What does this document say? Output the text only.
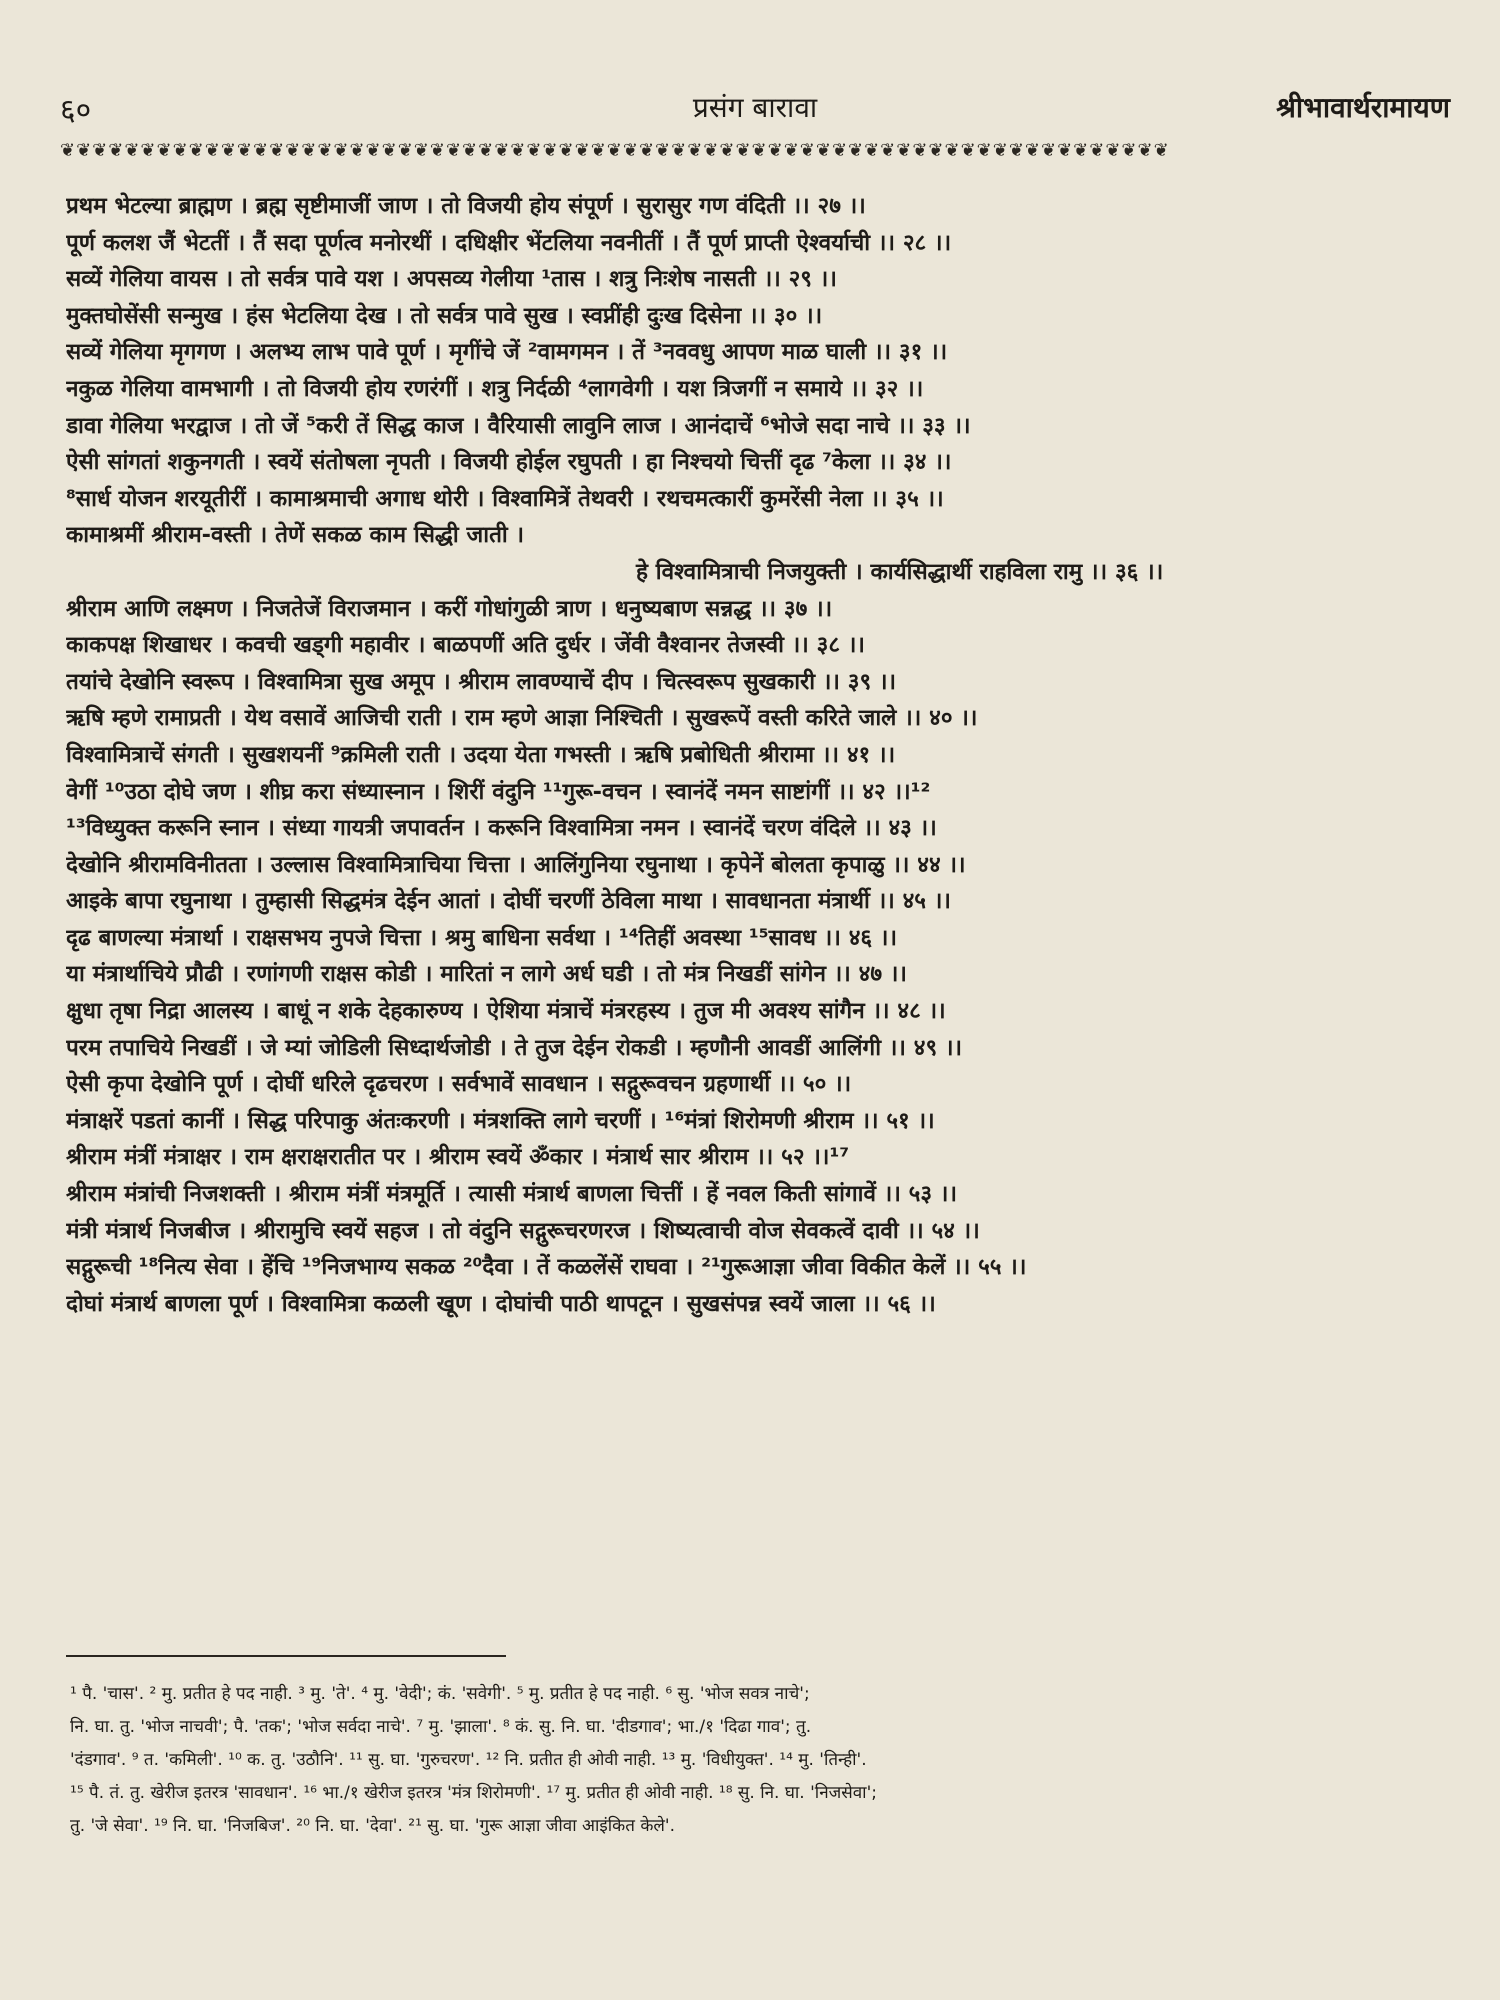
६०	प्रसंग बारावा	श्रीभावार्थरामायण
❦❦❦❦❦❦❦❦❦❦❦❦❦❦❦❦❦❦❦❦❦❦❦❦❦❦❦❦❦❦❦❦❦❦❦❦❦❦❦❦❦❦❦❦❦❦❦❦❦❦❦❦❦❦❦❦❦❦❦❦❦❦❦❦❦❦❦❦❦
प्रथम भेटल्या ब्राह्मण । ब्रह्म सृष्टीमाजीं जाण । तो विजयी होय संपूर्ण । सुरासुर गण वंदिती ।। २७ ।।
पूर्ण कलश जैं भेटतीं । तैं सदा पूर्णत्व मनोरथीं । दधिक्षीर भेंटलिया नवनीतीं । तैं पूर्ण प्राप्ती ऐश्वर्याची ।। २८ ।।
सव्यें गेलिया वायस । तो सर्वत्र पावे यश । अपसव्य गेलीया ¹तास । शत्रु निःशेष नासती ।। २९ ।।
मुक्तघोसेंसी सन्मुख । हंस भेटलिया देख । तो सर्वत्र पावे सुख । स्वप्नींही दुःख दिसेना ।। ३० ।।
सव्यें गेलिया मृगगण । अलभ्य लाभ पावे पूर्ण । मृगींचे जें ²वामगमन । तें ³नववधु आपण माळ घाली ।। ३१ ।।
नकुळ गेलिया वामभागी । तो विजयी होय रणरंगीं । शत्रु निर्दळी ⁴लागवेगी । यश त्रिजगीं न समाये ।। ३२ ।।
डावा गेलिया भरद्वाज । तो जें ⁵करी तें सिद्ध काज । वैरियासी लावुनि लाज । आनंदाचें ⁶भोजे सदा नाचे ।। ३३ ।।
ऐसी सांगतां शकुनगती । स्वयें संतोषला नृपती । विजयी होईल रघुपती । हा निश्चयो चित्तीं दृढ ⁷केला ।। ३४ ।।
⁸सार्ध योजन शरयूतीरीं । कामाश्रमाची अगाध थोरी । विश्वामित्रें तेथवरी । रथचमत्कारीं कुमरेंसी नेला ।। ३५ ।।
कामाश्रमीं श्रीराम-वस्ती । तेणें सकळ काम सिद्धी जाती ।
हे विश्वामित्राची निजयुक्ती । कार्यसिद्धार्थी राहविला रामु ।। ३६ ।।
श्रीराम आणि लक्ष्मण । निजतेजें विराजमान । करीं गोधांगुळी त्राण । धनुष्यबाण सन्नद्ध ।। ३७ ।।
काकपक्ष शिखाधर । कवची खड्गी महावीर । बाळपणीं अति दुर्धर । जेंवी वैश्वानर तेजस्वी ।। ३८ ।।
तयांचे देखोनि स्वरूप । विश्वामित्रा सुख अमूप । श्रीराम लावण्याचें दीप । चित्स्वरूप सुखकारी ।। ३९ ।।
ऋषि म्हणे रामाप्रती । येथ वसावें आजिची राती । राम म्हणे आज्ञा निश्चिती । सुखरूपें वस्ती करिते जाले ।। ४० ।।
विश्वामित्राचें संगती । सुखशयनीं ⁹क्रमिली राती । उदया येता गभस्ती । ऋषि प्रबोधिती श्रीरामा ।। ४१ ।।
वेगीं ¹⁰उठा दोघे जण । शीघ्र करा संध्यास्नान । शिरीं वंदुनि ¹¹गुरू-वचन । स्वानंदें नमन साष्टांगीं ।। ४२ ।।¹²
¹³विध्युक्त करूनि स्नान । संध्या गायत्री जपावर्तन । करूनि विश्वामित्रा नमन । स्वानंदें चरण वंदिले ।। ४३ ।।
देखोनि श्रीरामविनीतता । उल्लास विश्वामित्राचिया चित्ता । आलिंगुनिया रघुनाथा । कृपेनें बोलता कृपाळु ।। ४४ ।।
आइके बापा रघुनाथा । तुम्हासी सिद्धमंत्र देईन आतां । दोघीं चरणीं ठेविला माथा । सावधानता मंत्रार्थी ।। ४५ ।।
दृढ बाणल्या मंत्रार्था । राक्षसभय नुपजे चित्ता । श्रमु बाधिना सर्वथा । ¹⁴तिहीं अवस्था ¹⁵सावध ।। ४६ ।।
या मंत्रार्थाचिये प्रौढी । रणांगणी राक्षस कोडी । मारितां न लागे अर्ध घडी । तो मंत्र निखडीं सांगेन ।। ४७ ।।
क्षुधा तृषा निद्रा आलस्य । बाधूं न शके देहकारुण्य । ऐशिया मंत्राचें मंत्ररहस्य । तुज मी अवश्य सांगैन ।। ४८ ।।
परम तपाचिये निखडीं । जे म्यां जोडिली सिध्दार्थजोडी । ते तुज देईन रोकडी । म्हणौनी आवडीं आलिंगी ।। ४९ ।।
ऐसी कृपा देखोनि पूर्ण । दोघीं धरिले दृढचरण । सर्वभावें सावधान । सद्गुरूवचन ग्रहणार्थी ।। ५० ।।
मंत्राक्षरें पडतां कानीं । सिद्ध परिपाकु अंतःकरणी । मंत्रशक्ति लागे चरणीं । ¹⁶मंत्रां शिरोमणी श्रीराम ।। ५१ ।।
श्रीराम मंत्रीं मंत्राक्षर । राम क्षराक्षरातीत पर । श्रीराम स्वयें ॐकार । मंत्रार्थ सार श्रीराम ।। ५२ ।।¹⁷
श्रीराम मंत्रांची निजशक्ती । श्रीराम मंत्रीं मंत्रमूर्ति । त्यासी मंत्रार्थ बाणला चित्तीं । हें नवल किती सांगावें ।। ५३ ।।
मंत्री मंत्रार्थ निजबीज । श्रीरामुचि स्वयें सहज । तो वंदुनि सद्गुरूचरणरज । शिष्यत्वाची वोज सेवकत्वें दावी ।। ५४ ।।
सद्गुरूची ¹⁸नित्य सेवा । हेंचि ¹⁹निजभाग्य सकळ ²⁰दैवा । तें कळलेंसें राघवा । ²¹गुरूआज्ञा जीवा विकीत केलें ।। ५५ ।।
दोघां मंत्रार्थ बाणला पूर्ण । विश्वामित्रा कळली खूण । दोघांची पाठी थापटून । सुखसंपन्न स्वयें जाला ।। ५६ ।।
¹ पै. 'चास'. ² मु. प्रतीत हे पद नाही. ³ मु. 'ते'. ⁴ मु. 'वेदी'; कं. 'सवेगी'. ⁵ मु. प्रतीत हे पद नाही. ⁶ सु. 'भोज सवत्र नाचे';
नि. घा. तु. 'भोज नाचवी'; पै. 'तक'; 'भोज सर्वदा नाचे'. ⁷ मु. 'झाला'. ⁸ कं. सु. नि. घा. 'दीडगाव'; भा./१ 'दिढा गाव'; तु.
'दंडगाव'. ⁹ त. 'कमिली'. ¹⁰ क. तु. 'उठौनि'. ¹¹ सु. घा. 'गुरुचरण'. ¹² नि. प्रतीत ही ओवी नाही. ¹³ मु. 'विधीयुक्त'. ¹⁴ मु. 'तिन्ही'.
¹⁵ पै. तं. तु. खेरीज इतरत्र 'सावधान'. ¹⁶ भा./१ खेरीज इतरत्र 'मंत्र शिरोमणी'. ¹⁷ मु. प्रतीत ही ओवी नाही. ¹⁸ सु. नि. घा. 'निजसेवा';
तु. 'जे सेवा'. ¹⁹ नि. घा. 'निजबिज'. ²⁰ नि. घा. 'देवा'. ²¹ सु. घा. 'गुरू आज्ञा जीवा आइंकित केले'.
